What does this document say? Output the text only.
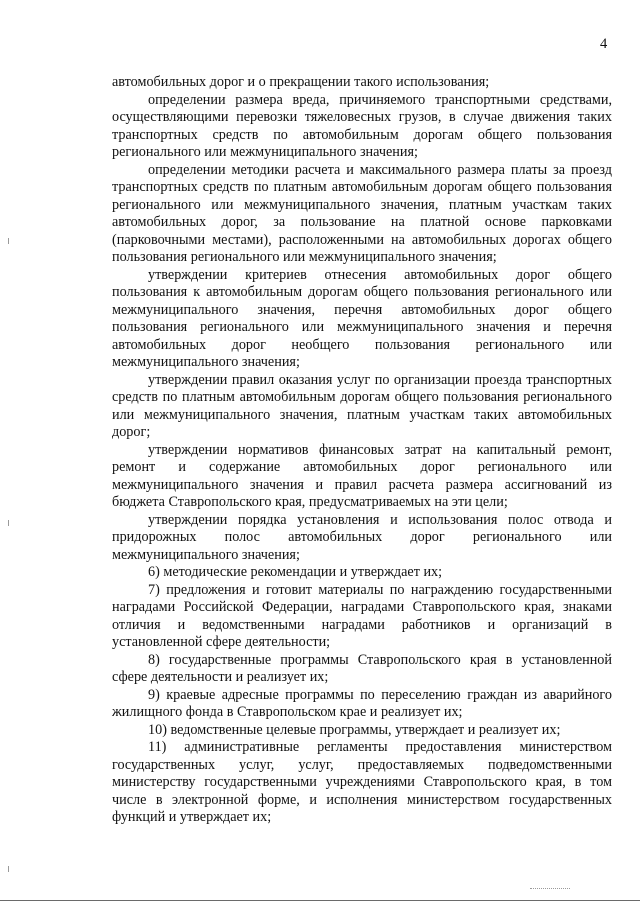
4

автомобильных дорог и о прекращении такого использования;

определении размера вреда, причиняемого транспортными средствами, осуществляющими перевозки тяжеловесных грузов, в случае движения таких транспортных средств по автомобильным дорогам общего пользования регионального или межмуниципального значения;

определении методики расчета и максимального размера платы за проезд транспортных средств по платным автомобильным дорогам общего пользования регионального или межмуниципального значения, платным участкам таких автомобильных дорог, за пользование на платной основе парковками (парковочными местами), расположенными на автомобильных дорогах общего пользования регионального или межмуниципального значения;

утверждении критериев отнесения автомобильных дорог общего пользования к автомобильным дорогам общего пользования регионального или межмуниципального значения, перечня автомобильных дорог общего пользования регионального или межмуниципального значения и перечня автомобильных дорог необщего пользования регионального или межмуниципального значения;

утверждении правил оказания услуг по организации проезда транспортных средств по платным автомобильным дорогам общего пользования регионального или межмуниципального значения, платным участкам таких автомобильных дорог;

утверждении нормативов финансовых затрат на капитальный ремонт, ремонт и содержание автомобильных дорог регионального или межмуниципального значения и правил расчета размера ассигнований из бюджета Ставропольского края, предусматриваемых на эти цели;

утверждении порядка установления и использования полос отвода и придорожных полос автомобильных дорог регионального или межмуниципального значения;

6) методические рекомендации и утверждает их;

7) предложения и готовит материалы по награждению государственными наградами Российской Федерации, наградами Ставропольского края, знаками отличия и ведомственными наградами работников и организаций в установленной сфере деятельности;

8) государственные программы Ставропольского края в установленной сфере деятельности и реализует их;

9) краевые адресные программы по переселению граждан из аварийного жилищного фонда в Ставропольском крае и реализует их;

10) ведомственные целевые программы, утверждает и реализует их;

11) административные регламенты предоставления министерством государственных услуг, услуг, предоставляемых подведомственными министерству государственными учреждениями Ставропольского края, в том числе в электронной форме, и исполнения министерством государственных функций и утверждает их;
